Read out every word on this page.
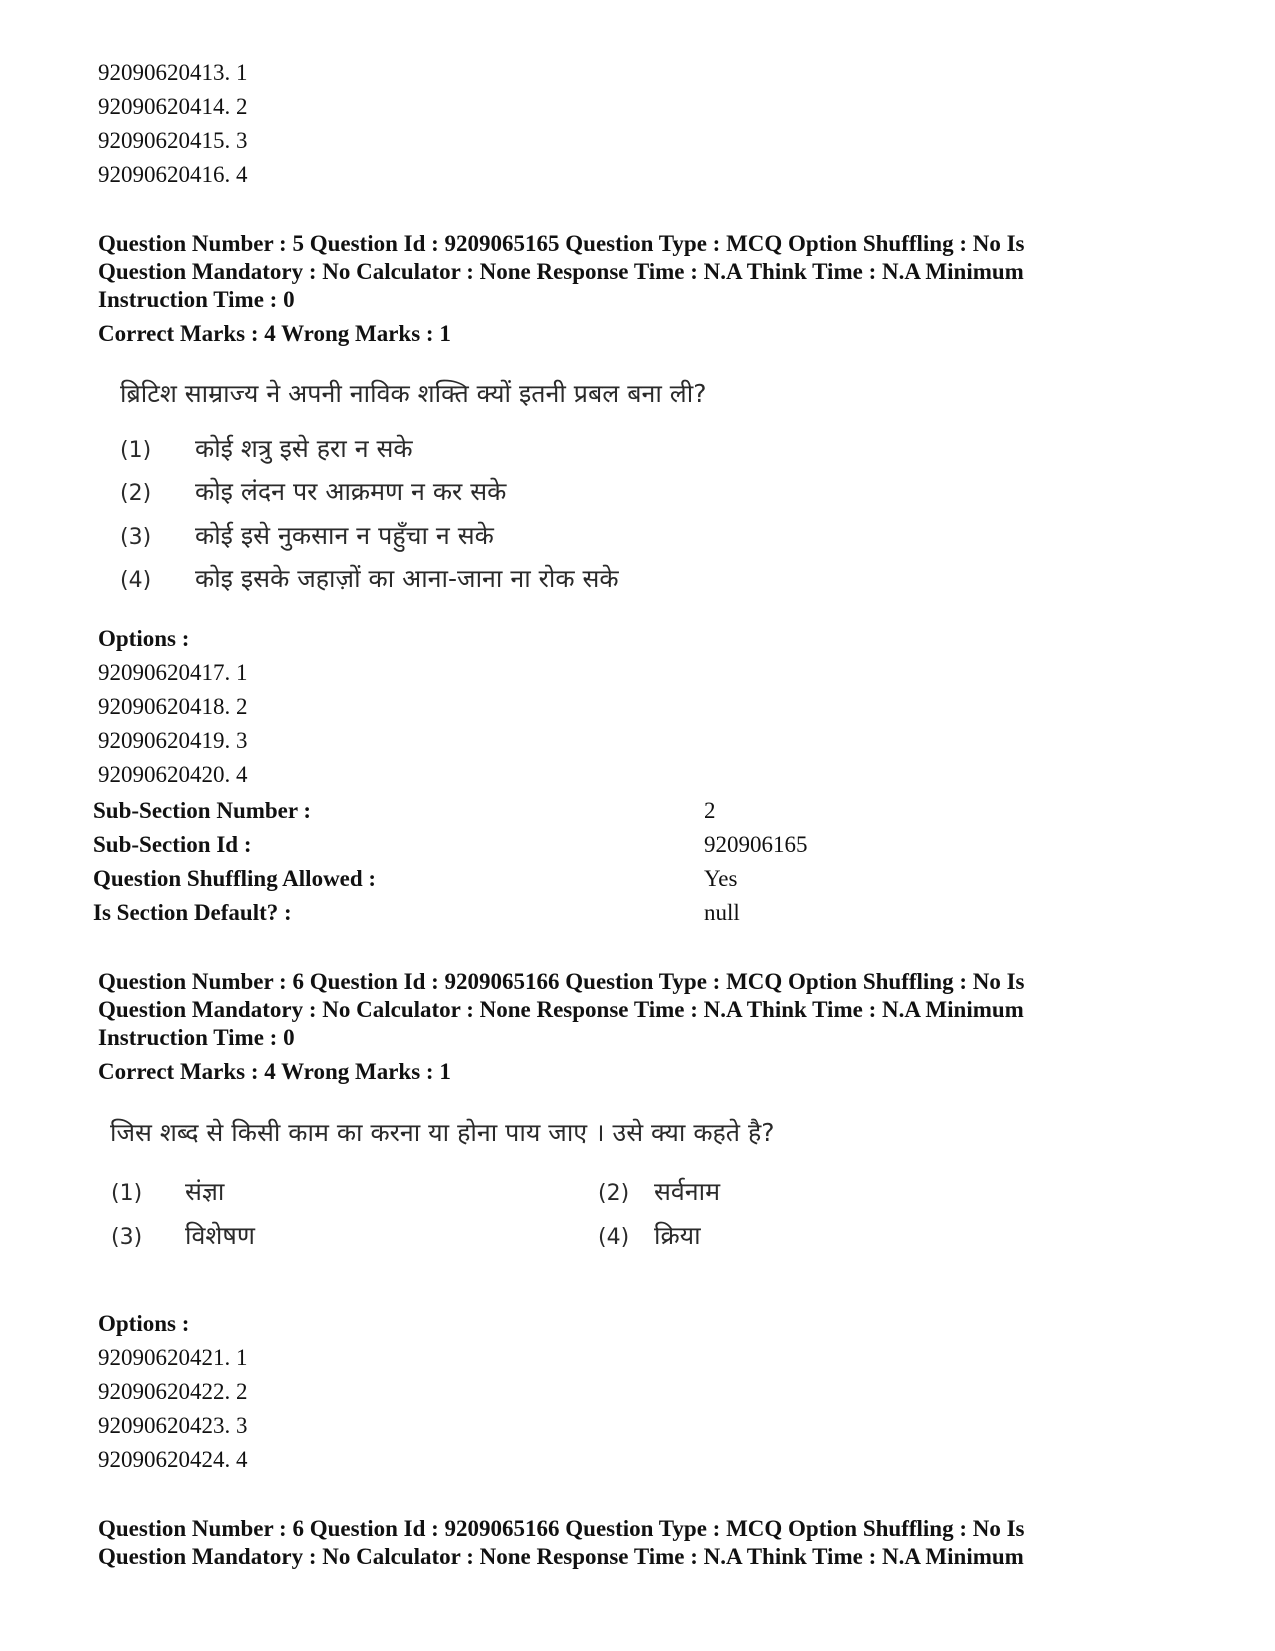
92090620413. 1
92090620414. 2
92090620415. 3
92090620416. 4
Question Number : 5 Question Id : 9209065165 Question Type : MCQ Option Shuffling : No Is
Question Mandatory : No Calculator : None Response Time : N.A Think Time : N.A Minimum
Instruction Time : 0
Correct Marks : 4 Wrong Marks : 1
ब्रिटिश साम्राज्य ने अपनी नाविक शक्ति क्यों इतनी प्रबल बना ली?
(1) कोई शत्रु इसे हरा न सके
(2) कोइ लंदन पर आक्रमण न कर सके
(3) कोई इसे नुकसान न पहुँचा न सके
(4) कोइ इसके जहाज़ों का आना-जाना ना रोक सके
Options :
92090620417. 1
92090620418. 2
92090620419. 3
92090620420. 4
Sub-Section Number :	2
Sub-Section Id :	920906165
Question Shuffling Allowed :	Yes
Is Section Default? :	null
Question Number : 6 Question Id : 9209065166 Question Type : MCQ Option Shuffling : No Is
Question Mandatory : No Calculator : None Response Time : N.A Think Time : N.A Minimum
Instruction Time : 0
Correct Marks : 4 Wrong Marks : 1
जिस शब्द से किसी काम का करना या होना पाय जाए । उसे क्या कहते है?
(1) संज्ञा	(2) सर्वनाम
(3) विशेषण	(4) क्रिया
Options :
92090620421. 1
92090620422. 2
92090620423. 3
92090620424. 4
Question Number : 6 Question Id : 9209065166 Question Type : MCQ Option Shuffling : No Is
Question Mandatory : No Calculator : None Response Time : N.A Think Time : N.A Minimum
